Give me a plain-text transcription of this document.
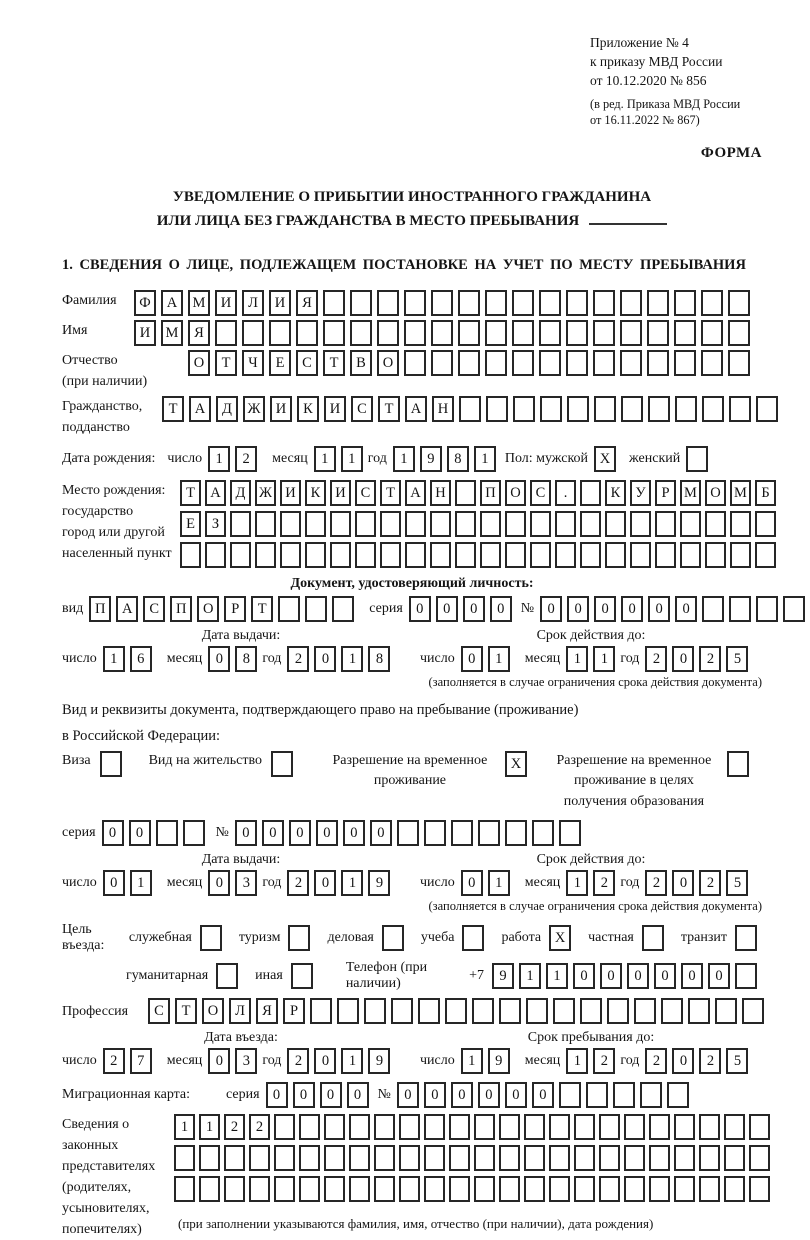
Приложение № 4
к приказу МВД России
от 10.12.2020 № 856
(в ред. Приказа МВД России
от 16.11.2022 № 867)
ФОРМА
УВЕДОМЛЕНИЕ О ПРИБЫТИИ ИНОСТРАННОГО ГРАЖДАНИНА
ИЛИ ЛИЦА БЕЗ ГРАЖДАНСТВА В МЕСТО ПРЕБЫВАНИЯ
1. СВЕДЕНИЯ О ЛИЦЕ, ПОДЛЕЖАЩЕМ ПОСТАНОВКЕ НА УЧЕТ ПО МЕСТУ ПРЕБЫВАНИЯ
Фамилия	Ф	А	М	И	Л	И	Я
Имя	И	М	Я
Отчество
(при наличии)
О	Т	Ч	Е	С	Т	В	О
Гражданство,
подданство
Т	А	Д	Ж	И	К	И	С	Т	А	Н
Дата рождения: число 1	2	месяц 1	1 год 1	9	8	1	Пол: мужской X	женский
Место рождения:
государство
город или другой
населенный пункт
Т	А	Д Ж И	К	И	С	Т	А	Н	П	О	С	.	К	У	Р	М О М Б
Е	З
Документ, удостоверяющий личность:
вид П	А	С	П	О	Р	Т	серия 0	0	0	0	№ 0	0	0	0	0	0
Дата выдачи:
число 1	6	месяц 0	8 год 2	0	1	8
Срок действия до:
число 0	1	месяц 1	1 год 2	0	2	5
(заполняется в случае ограничения срока действия документа)
Вид и реквизиты документа, подтверждающего право на пребывание (проживание)
в Российской Федерации:
Виза	Вид на жительство	Разрешение на временное проживание
X	Разрешение на временное проживание в целях получения образования
серия 0	0	№ 0	0	0	0	0	0
Дата выдачи:
число 0	1	месяц 0	3 год 2	0	1	9
Срок действия до:
число 0	1	месяц 1	2 год 2	0	2	5
(заполняется в случае ограничения срока действия документа)
Цель въезда:
служебная	туризм	деловая	учеба	работа X	частная	транзит
гуманитарная	иная
Телефон (при наличии)
+7	9	1	1	0	0	0	0	0	0
Профессия	С	Т	О	Л	Я	Р
Дата въезда:
число 2	7	месяц 0	3 год 2	0	1	9
Срок пребывания до:
число 1	9	месяц 1	2 год 2	0	2	5
Миграционная карта:	серия 0	0	0	0	№ 0	0	0	0	0	0
Сведения о
законных
представителях
(родителях,
усыновителях,
попечителях)
1	1	2	2
(при заполнении указываются фамилия, имя, отчество (при наличии), дата рождения)
